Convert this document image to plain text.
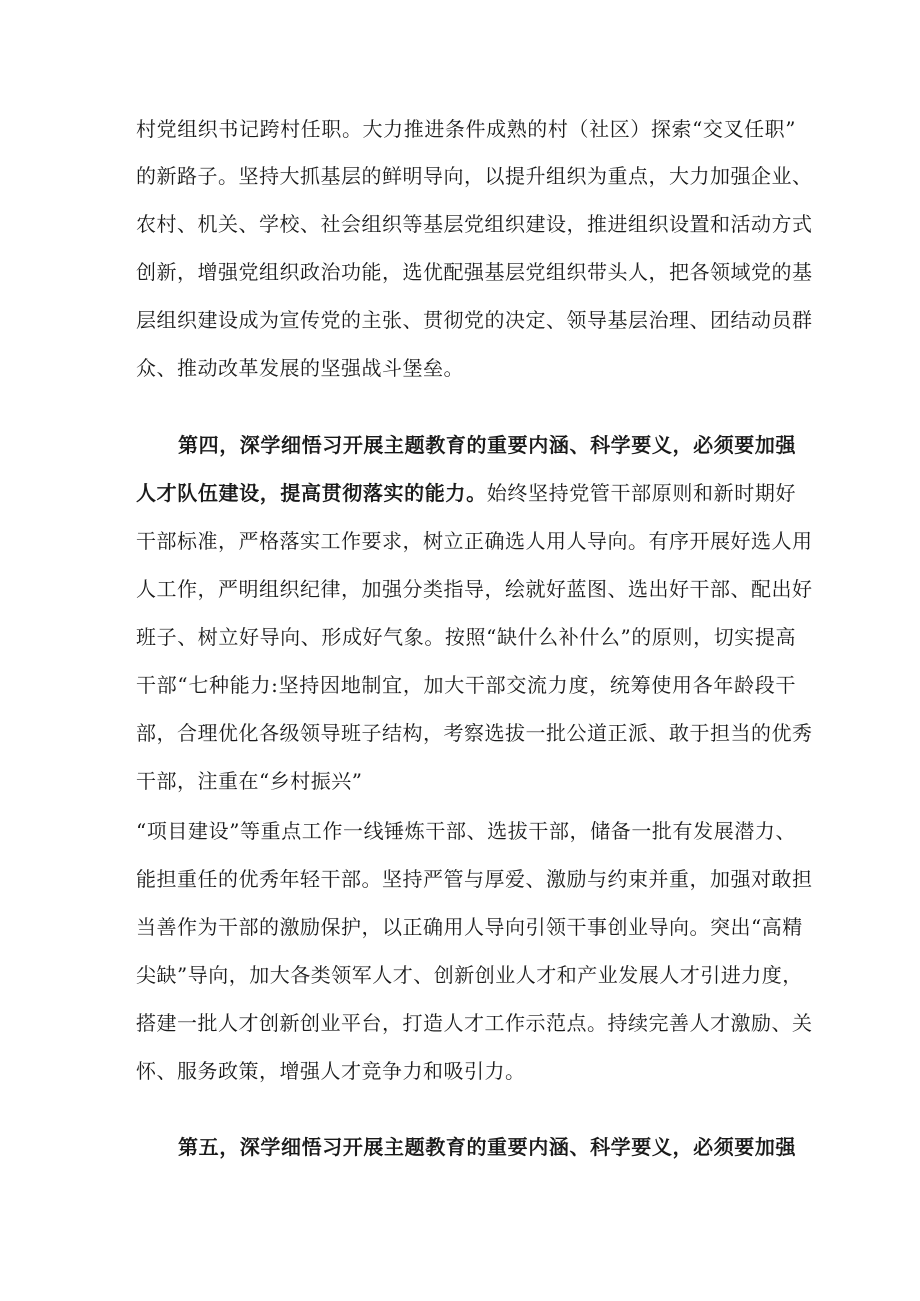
村党组织书记跨村任职。大力推进条件成熟的村（社区）探索“交叉任职”
的新路子。坚持大抓基层的鲜明导向，以提升组织为重点，大力加强企业、
农村、机关、学校、社会组织等基层党组织建设，推进组织设置和活动方式
创新，增强党组织政治功能，选优配强基层党组织带头人，把各领域党的基
层组织建设成为宣传党的主张、贯彻党的决定、领导基层治理、团结动员群
众、推动改革发展的坚强战斗堡垒。
第四，深学细悟习开展主题教育的重要内涵、科学要义，必须要加强
人才队伍建设，提高贯彻落实的能力。始终坚持党管干部原则和新时期好
干部标准，严格落实工作要求，树立正确选人用人导向。有序开展好选人用
人工作，严明组织纪律，加强分类指导，绘就好蓝图、选出好干部、配出好
班子、树立好导向、形成好气象。按照“缺什么补什么”的原则，切实提高
干部“七种能力:坚持因地制宜，加大干部交流力度，统筹使用各年龄段干
部，合理优化各级领导班子结构，考察选拔一批公道正派、敢于担当的优秀
干部，注重在“乡村振兴”
“项目建设”等重点工作一线锤炼干部、选拔干部，储备一批有发展潜力、
能担重任的优秀年轻干部。坚持严管与厚爱、激励与约束并重，加强对敢担
当善作为干部的激励保护，以正确用人导向引领干事创业导向。突出“高精
尖缺”导向，加大各类领军人才、创新创业人才和产业发展人才引进力度，
搭建一批人才创新创业平台，打造人才工作示范点。持续完善人才激励、关
怀、服务政策，增强人才竞争力和吸引力。
第五，深学细悟习开展主题教育的重要内涵、科学要义，必须要加强
